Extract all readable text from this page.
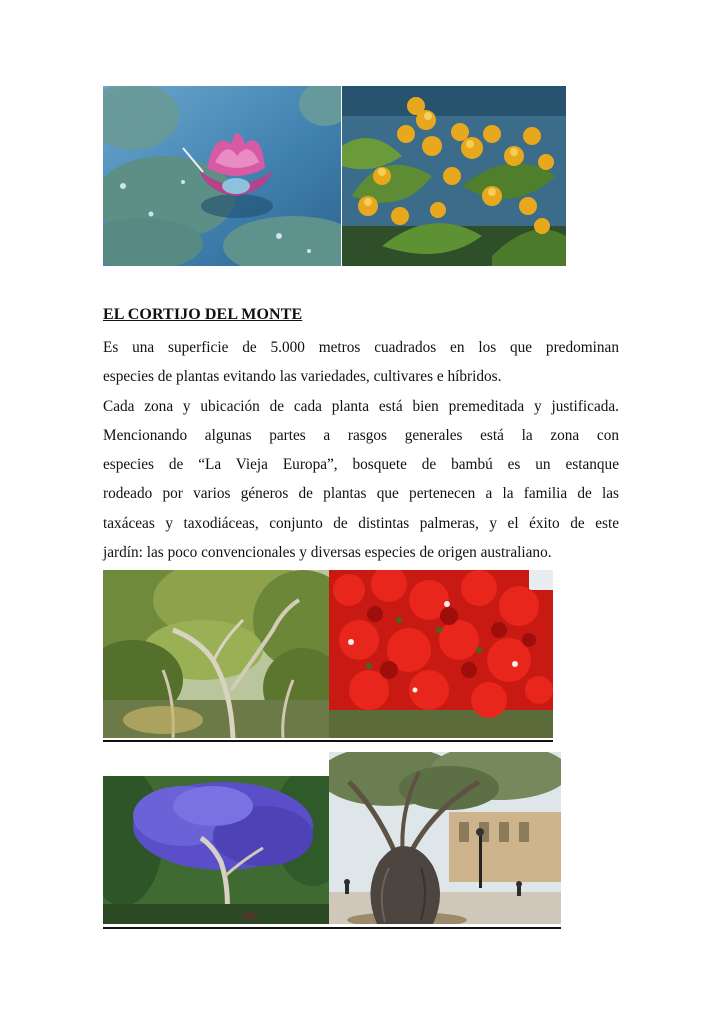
EL CORTIJO DEL MONTE
Es una superficie de 5.000 metros cuadrados en los que predominan
especies de plantas evitando las variedades, cultivares e híbridos.
Cada zona y ubicación de cada planta está bien premeditada y justificada.
Mencionando algunas partes a rasgos generales está la zona con
especies de “La Vieja Europa”, bosquete de bambú es un estanque
rodeado por varios géneros de plantas que pertenecen a la familia de las
taxáceas y taxodiáceas, conjunto de distintas palmeras, y el éxito de este
jardín: las poco convencionales y diversas especies de origen australiano.
